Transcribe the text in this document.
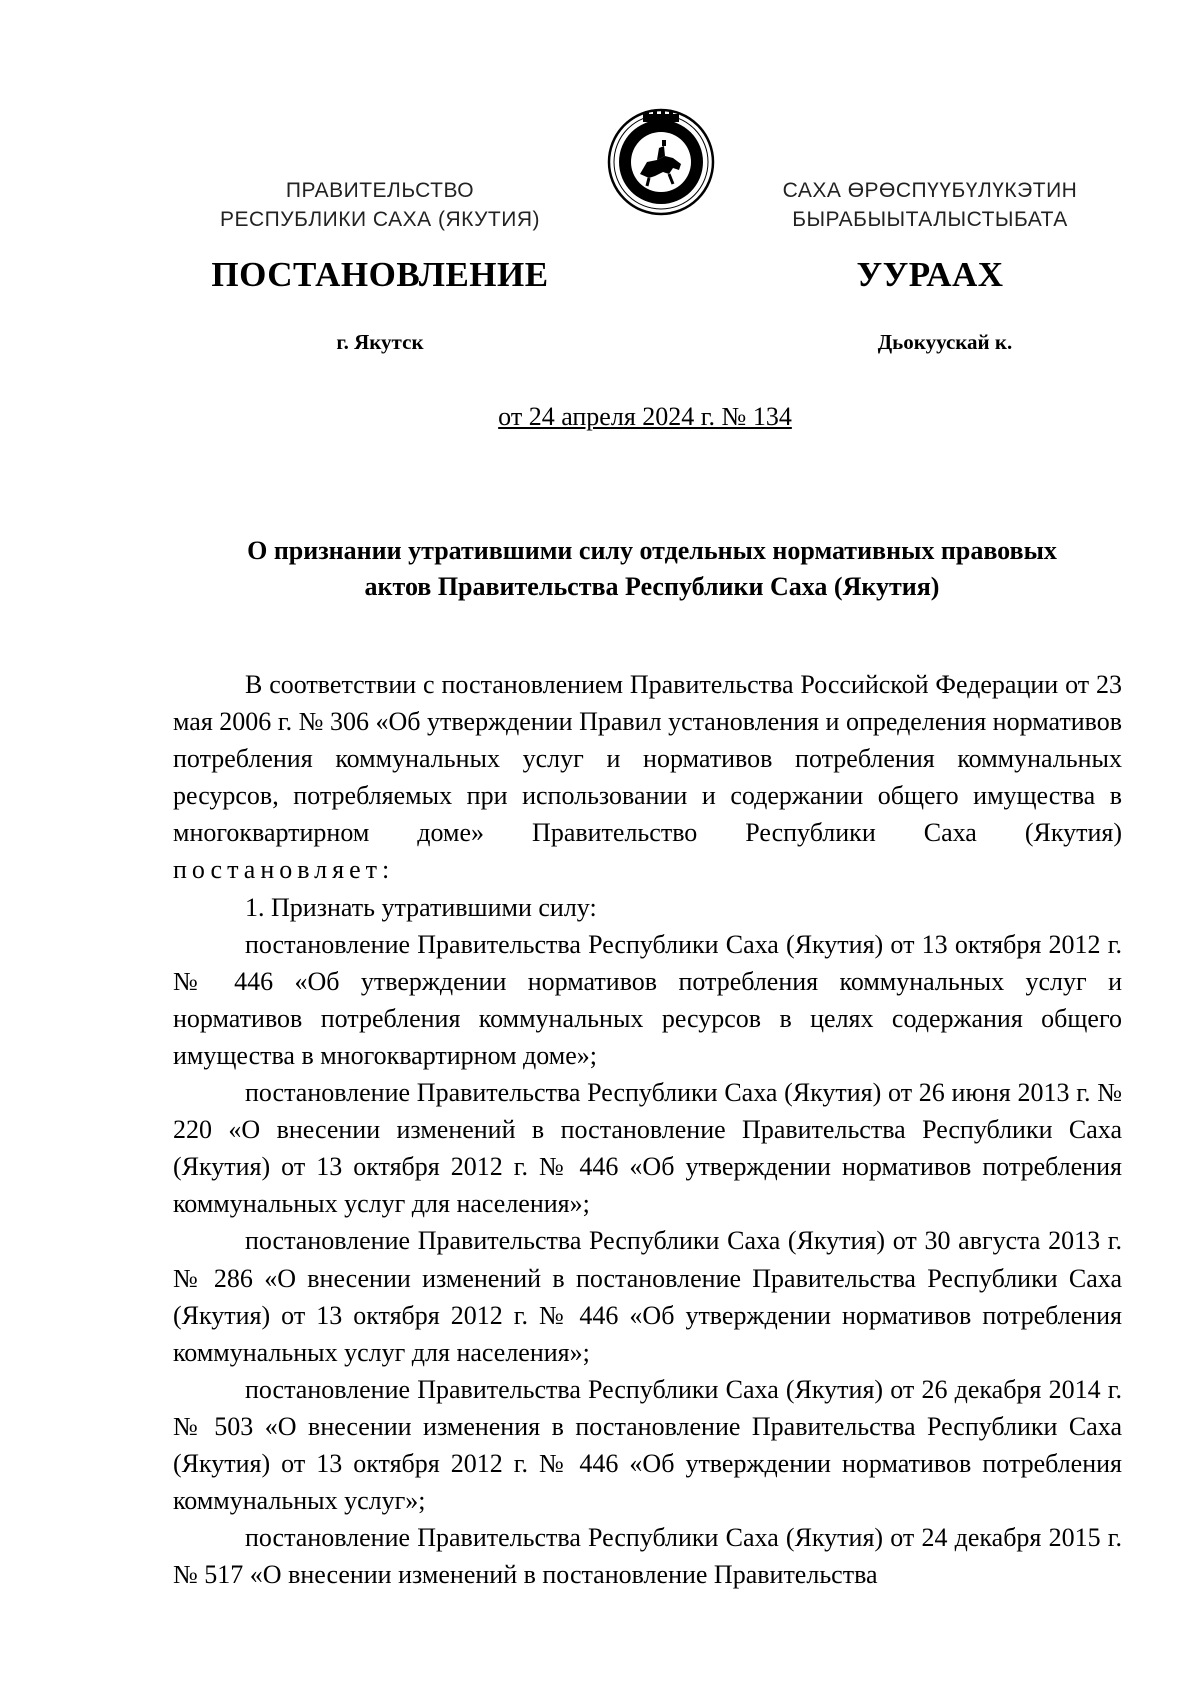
ПРАВИТЕЛЬСТВО
РЕСПУБЛИКИ САХА (ЯКУТИЯ)
САХА ӨРӨСПҮҮБҮЛҮКЭТИН
БЫРАБЫЫТАЛЫСТЫБАТА
ПОСТАНОВЛЕНИЕ	УУРААХ
г. Якутск	Дьокуускай к.
от 24 апреля 2024 г. № 134
О признании утратившими силу отдельных нормативных правовых
актов Правительства Республики Саха (Якутия)

В соответствии с постановлением Правительства Российской Федерации от 23 мая 2006 г. № 306 «Об утверждении Правил установления и определения нормативов потребления коммунальных услуг и нормативов потребления коммунальных ресурсов, потребляемых при использовании и содержании общего имущества в многоквартирном доме» Правительство Республики Саха (Якутия) постановляет:

1. Признать утратившими силу:

постановление Правительства Республики Саха (Якутия) от 13 октября 2012 г. № 446 «Об утверждении нормативов потребления коммунальных услуг и нормативов потребления коммунальных ресурсов в целях содержания общего имущества в многоквартирном доме»;

постановление Правительства Республики Саха (Якутия) от 26 июня 2013 г. № 220 «О внесении изменений в постановление Правительства Республики Саха (Якутия) от 13 октября 2012 г. № 446 «Об утверждении нормативов потребления коммунальных услуг для населения»;

постановление Правительства Республики Саха (Якутия) от 30 августа 2013 г. № 286 «О внесении изменений в постановление Правительства Республики Саха (Якутия) от 13 октября 2012 г. № 446 «Об утверждении нормативов потребления коммунальных услуг для населения»;

постановление Правительства Республики Саха (Якутия) от 26 декабря 2014 г. № 503 «О внесении изменения в постановление Правительства Республики Саха (Якутия) от 13 октября 2012 г. № 446 «Об утверждении нормативов потребления коммунальных услуг»;

постановление Правительства Республики Саха (Якутия) от 24 декабря 2015 г. № 517 «О внесении изменений в постановление Правительства
